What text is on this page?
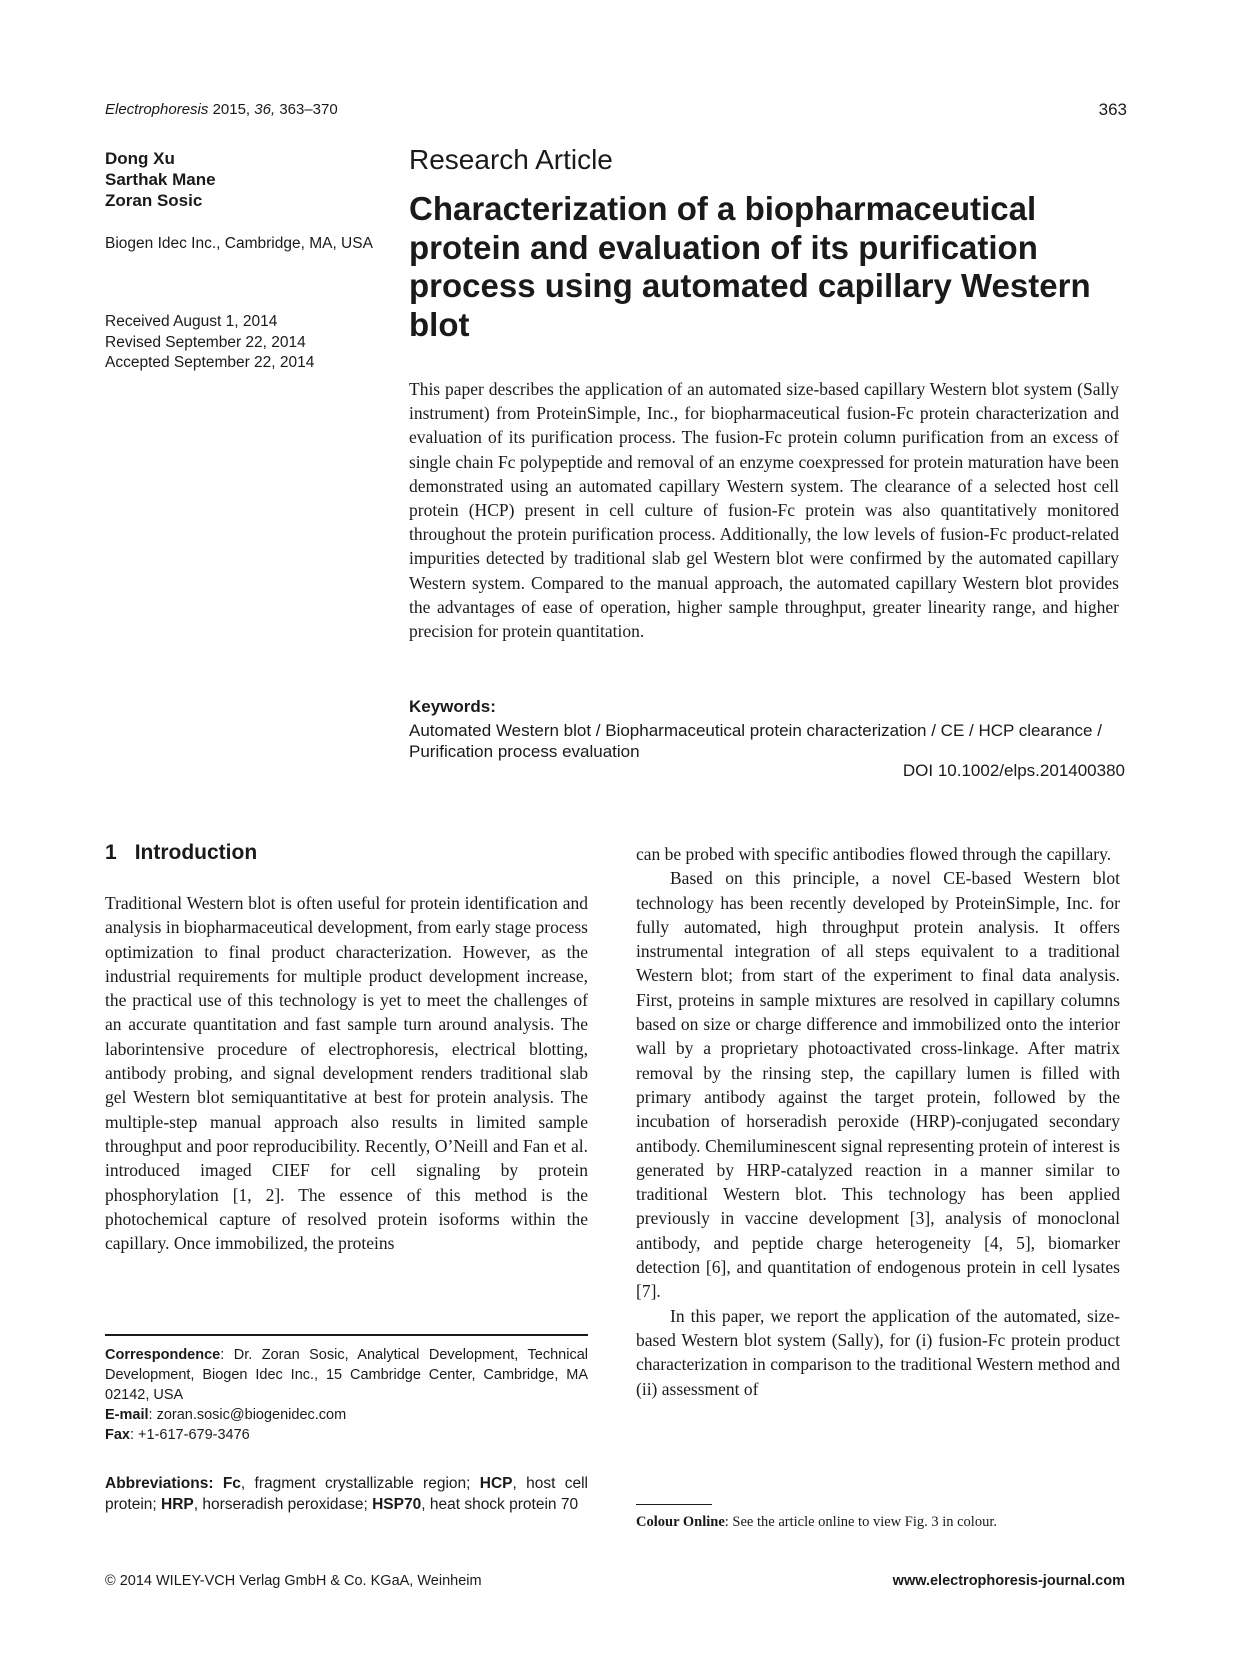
Electrophoresis 2015, 36, 363–370	363
Dong Xu
Sarthak Mane
Zoran Sosic
Biogen Idec Inc., Cambridge, MA, USA
Received August 1, 2014
Revised September 22, 2014
Accepted September 22, 2014
Research Article
Characterization of a biopharmaceutical protein and evaluation of its purification process using automated capillary Western blot

This paper describes the application of an automated size-based capillary Western blot system (Sally instrument) from ProteinSimple, Inc., for biopharmaceutical fusion-Fc protein characterization and evaluation of its purification process. The fusion-Fc protein column purification from an excess of single chain Fc polypeptide and removal of an enzyme coexpressed for protein maturation have been demonstrated using an automated capillary Western system. The clearance of a selected host cell protein (HCP) present in cell culture of fusion-Fc protein was also quantitatively monitored throughout the protein purification process. Additionally, the low levels of fusion-Fc product-related impurities detected by traditional slab gel Western blot were confirmed by the automated capillary Western system. Compared to the manual approach, the automated capillary Western blot provides the advantages of ease of operation, higher sample throughput, greater linearity range, and higher precision for protein quantitation.

Keywords:
Automated Western blot / Biopharmaceutical protein characterization / CE / HCP clearance / Purification process evaluation
DOI 10.1002/elps.201400380
1 Introduction

Traditional Western blot is often useful for protein identification and analysis in biopharmaceutical development, from early stage process optimization to final product characterization. However, as the industrial requirements for multiple product development increase, the practical use of this technology is yet to meet the challenges of an accurate quantitation and fast sample turn around analysis. The laborintensive procedure of electrophoresis, electrical blotting, antibody probing, and signal development renders traditional slab gel Western blot semiquantitative at best for protein analysis. The multiple-step manual approach also results in limited sample throughput and poor reproducibility. Recently, O’Neill and Fan et al. introduced imaged CIEF for cell signaling by protein phosphorylation [1, 2]. The essence of this method is the photochemical capture of resolved protein isoforms within the capillary. Once immobilized, the proteins

can be probed with specific antibodies flowed through the capillary.

Based on this principle, a novel CE-based Western blot technology has been recently developed by ProteinSimple, Inc. for fully automated, high throughput protein analysis. It offers instrumental integration of all steps equivalent to a traditional Western blot; from start of the experiment to final data analysis. First, proteins in sample mixtures are resolved in capillary columns based on size or charge difference and immobilized onto the interior wall by a proprietary photoactivated cross-linkage. After matrix removal by the rinsing step, the capillary lumen is filled with primary antibody against the target protein, followed by the incubation of horseradish peroxide (HRP)-conjugated secondary antibody. Chemiluminescent signal representing protein of interest is generated by HRP-catalyzed reaction in a manner similar to traditional Western blot. This technology has been applied previously in vaccine development [3], analysis of monoclonal antibody, and peptide charge heterogeneity [4, 5], biomarker detection [6], and quantitation of endogenous protein in cell lysates [7].

In this paper, we report the application of the automated, size-based Western blot system (Sally), for (i) fusion-Fc protein product characterization in comparison to the traditional Western method and (ii) assessment of

Correspondence: Dr. Zoran Sosic, Analytical Development, Technical Development, Biogen Idec Inc., 15 Cambridge Center, Cambridge, MA 02142, USA
E-mail: zoran.sosic@biogenidec.com
Fax: +1-617-679-3476
Abbreviations: Fc, fragment crystallizable region; HCP, host cell protein; HRP, horseradish peroxidase; HSP70, heat shock protein 70
Colour Online: See the article online to view Fig. 3 in colour.
© 2014 WILEY-VCH Verlag GmbH & Co. KGaA, Weinheim	www.electrophoresis-journal.com
